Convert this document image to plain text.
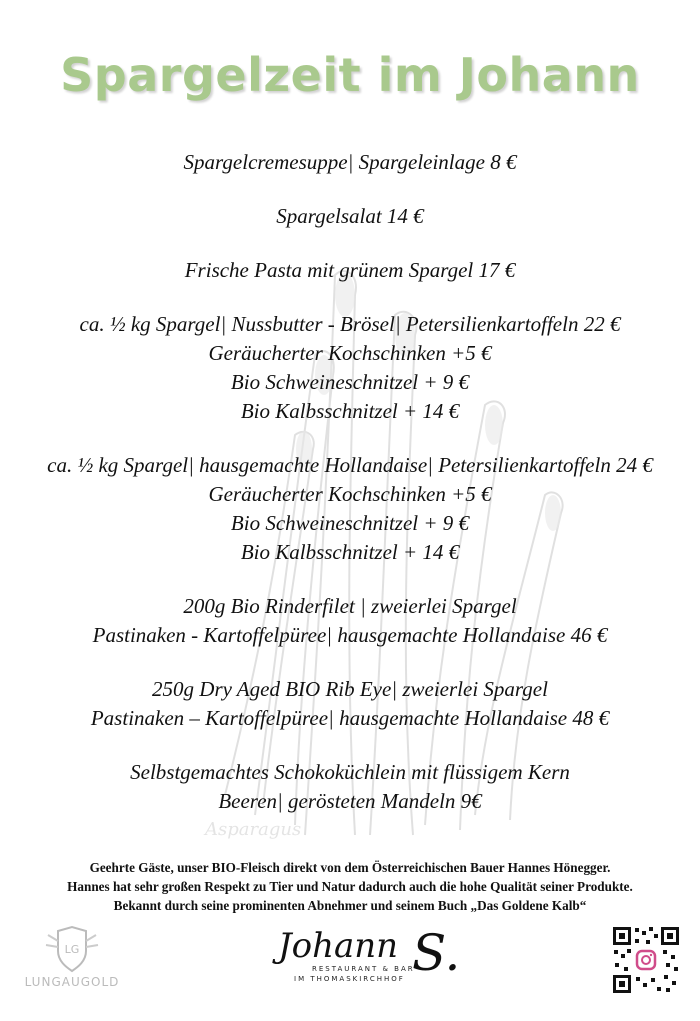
Asparagus
Spargelzeit im Johann
Spargelcremesuppe| Spargeleinlage 8 €
Spargelsalat 14 €
Frische Pasta mit grünem Spargel 17 €
ca. ½ kg Spargel| Nussbutter - Brösel| Petersilienkartoffeln 22 €
Geräucherter Kochschinken +5 €
Bio Schweineschnitzel + 9 €
Bio Kalbsschnitzel + 14 €
ca. ½ kg Spargel| hausgemachte Hollandaise| Petersilienkartoffeln 24 €
Geräucherter Kochschinken +5 €
Bio Schweineschnitzel + 9 €
Bio Kalbsschnitzel + 14 €
200g Bio Rinderfilet | zweierlei Spargel
Pastinaken - Kartoffelpüree| hausgemachte Hollandaise 46 €
250g Dry Aged BIO Rib Eye| zweierlei Spargel
Pastinaken – Kartoffelpüree| hausgemachte Hollandaise 48 €
Selbstgemachtes Schokoküchlein mit flüssigem Kern
Beeren| gerösteten Mandeln 9€
Geehrte Gäste, unser BIO-Fleisch direkt von dem Österreichischen Bauer Hannes Hönegger.
Hannes hat sehr großen Respekt zu Tier und Natur dadurch auch die hohe Qualität seiner Produkte.
Bekannt durch seine prominenten Abnehmer und seinem Buch „Das Goldene Kalb“
LG
LUNGAUGOLD
Johann S.
RESTAURANT & BAR
IM THOMASKIRCHHOF
